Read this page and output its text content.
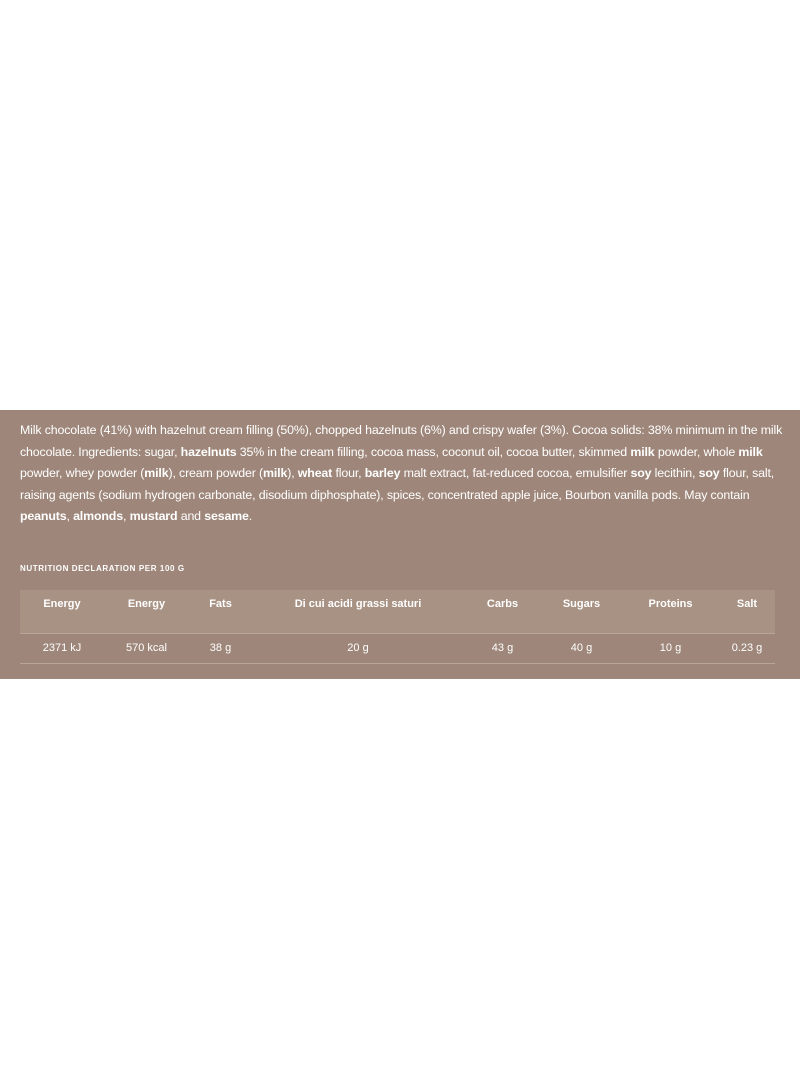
Milk chocolate (41%) with hazelnut cream filling (50%), chopped hazelnuts (6%) and crispy wafer (3%). Cocoa solids: 38% minimum in the milk chocolate. Ingredients: sugar, hazelnuts 35% in the cream filling, cocoa mass, coconut oil, cocoa butter, skimmed milk powder, whole milk powder, whey powder (milk), cream powder (milk), wheat flour, barley malt extract, fat-reduced cocoa, emulsifier soy lecithin, soy flour, salt, raising agents (sodium hydrogen carbonate, disodium diphosphate), spices, concentrated apple juice, Bourbon vanilla pods. May contain peanuts, almonds, mustard and sesame.

NUTRITION DECLARATION PER 100 G

Energy	Energy	Fats	Di cui acidi grassi saturi	Carbs	Sugars	Proteins	Salt
2371 kJ	570 kcal	38 g	20 g	43 g	40 g	10 g	0.23 g
